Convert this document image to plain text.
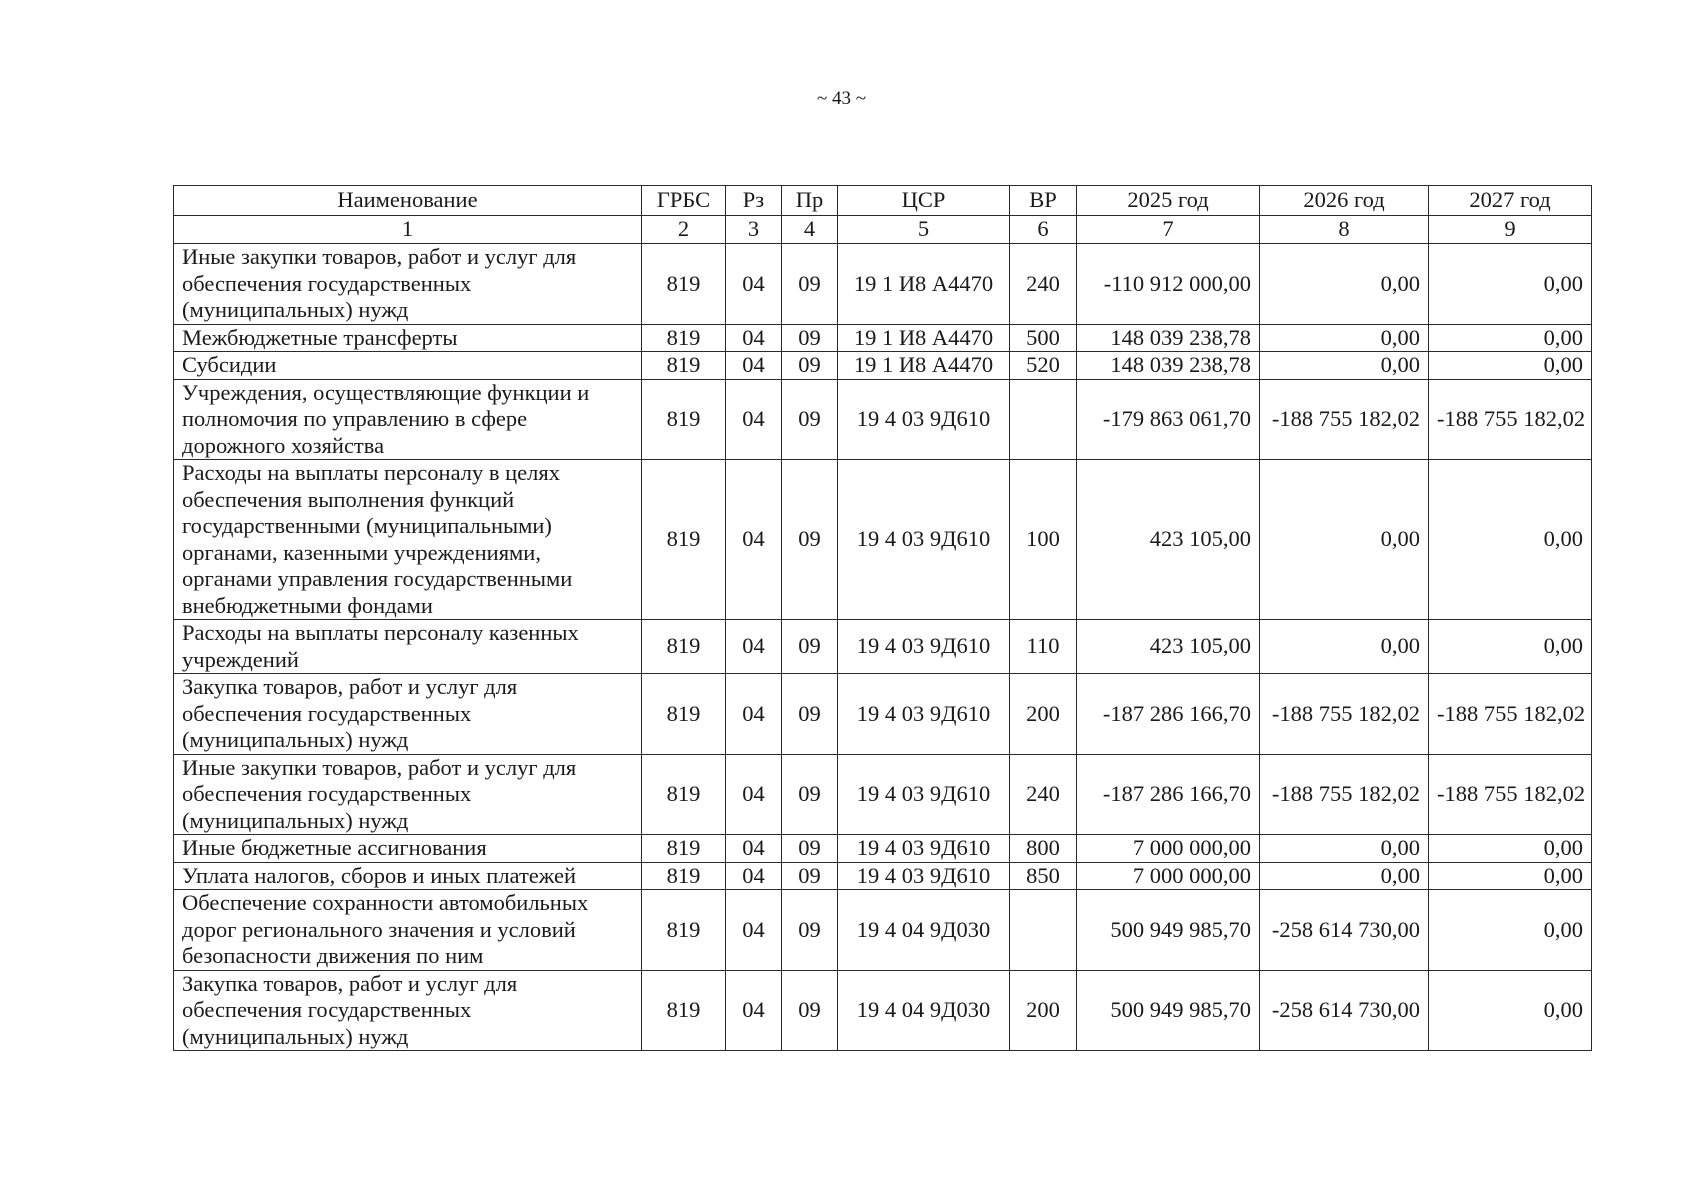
~ 43 ~
Наименование	ГРБС	Рз	Пр	ЦСР	ВР	2025 год	2026 год	2027 год
1	2	3	4	5	6	7	8	9
Иные закупки товаров, работ и услуг для обеспечения государственных (муниципальных) нужд	819	04	09	19 1 И8 А4470	240	-110 912 000,00	0,00	0,00
Межбюджетные трансферты	819	04	09	19 1 И8 А4470	500	148 039 238,78	0,00	0,00
Субсидии	819	04	09	19 1 И8 А4470	520	148 039 238,78	0,00	0,00
Учреждения, осуществляющие функции и полномочия по управлению в сфере дорожного хозяйства	819	04	09	19 4 03 9Д610		-179 863 061,70	-188 755 182,02	-188 755 182,02
Расходы на выплаты персоналу в целях обеспечения выполнения функций государственными (муниципальными) органами, казенными учреждениями, органами управления государственными внебюджетными фондами	819	04	09	19 4 03 9Д610	100	423 105,00	0,00	0,00
Расходы на выплаты персоналу казенных учреждений	819	04	09	19 4 03 9Д610	110	423 105,00	0,00	0,00
Закупка товаров, работ и услуг для обеспечения государственных (муниципальных) нужд	819	04	09	19 4 03 9Д610	200	-187 286 166,70	-188 755 182,02	-188 755 182,02
Иные закупки товаров, работ и услуг для обеспечения государственных (муниципальных) нужд	819	04	09	19 4 03 9Д610	240	-187 286 166,70	-188 755 182,02	-188 755 182,02
Иные бюджетные ассигнования	819	04	09	19 4 03 9Д610	800	7 000 000,00	0,00	0,00
Уплата налогов, сборов и иных платежей	819	04	09	19 4 03 9Д610	850	7 000 000,00	0,00	0,00
Обеспечение сохранности автомобильных дорог регионального значения и условий безопасности движения по ним	819	04	09	19 4 04 9Д030		500 949 985,70	-258 614 730,00	0,00
Закупка товаров, работ и услуг для обеспечения государственных (муниципальных) нужд	819	04	09	19 4 04 9Д030	200	500 949 985,70	-258 614 730,00	0,00
